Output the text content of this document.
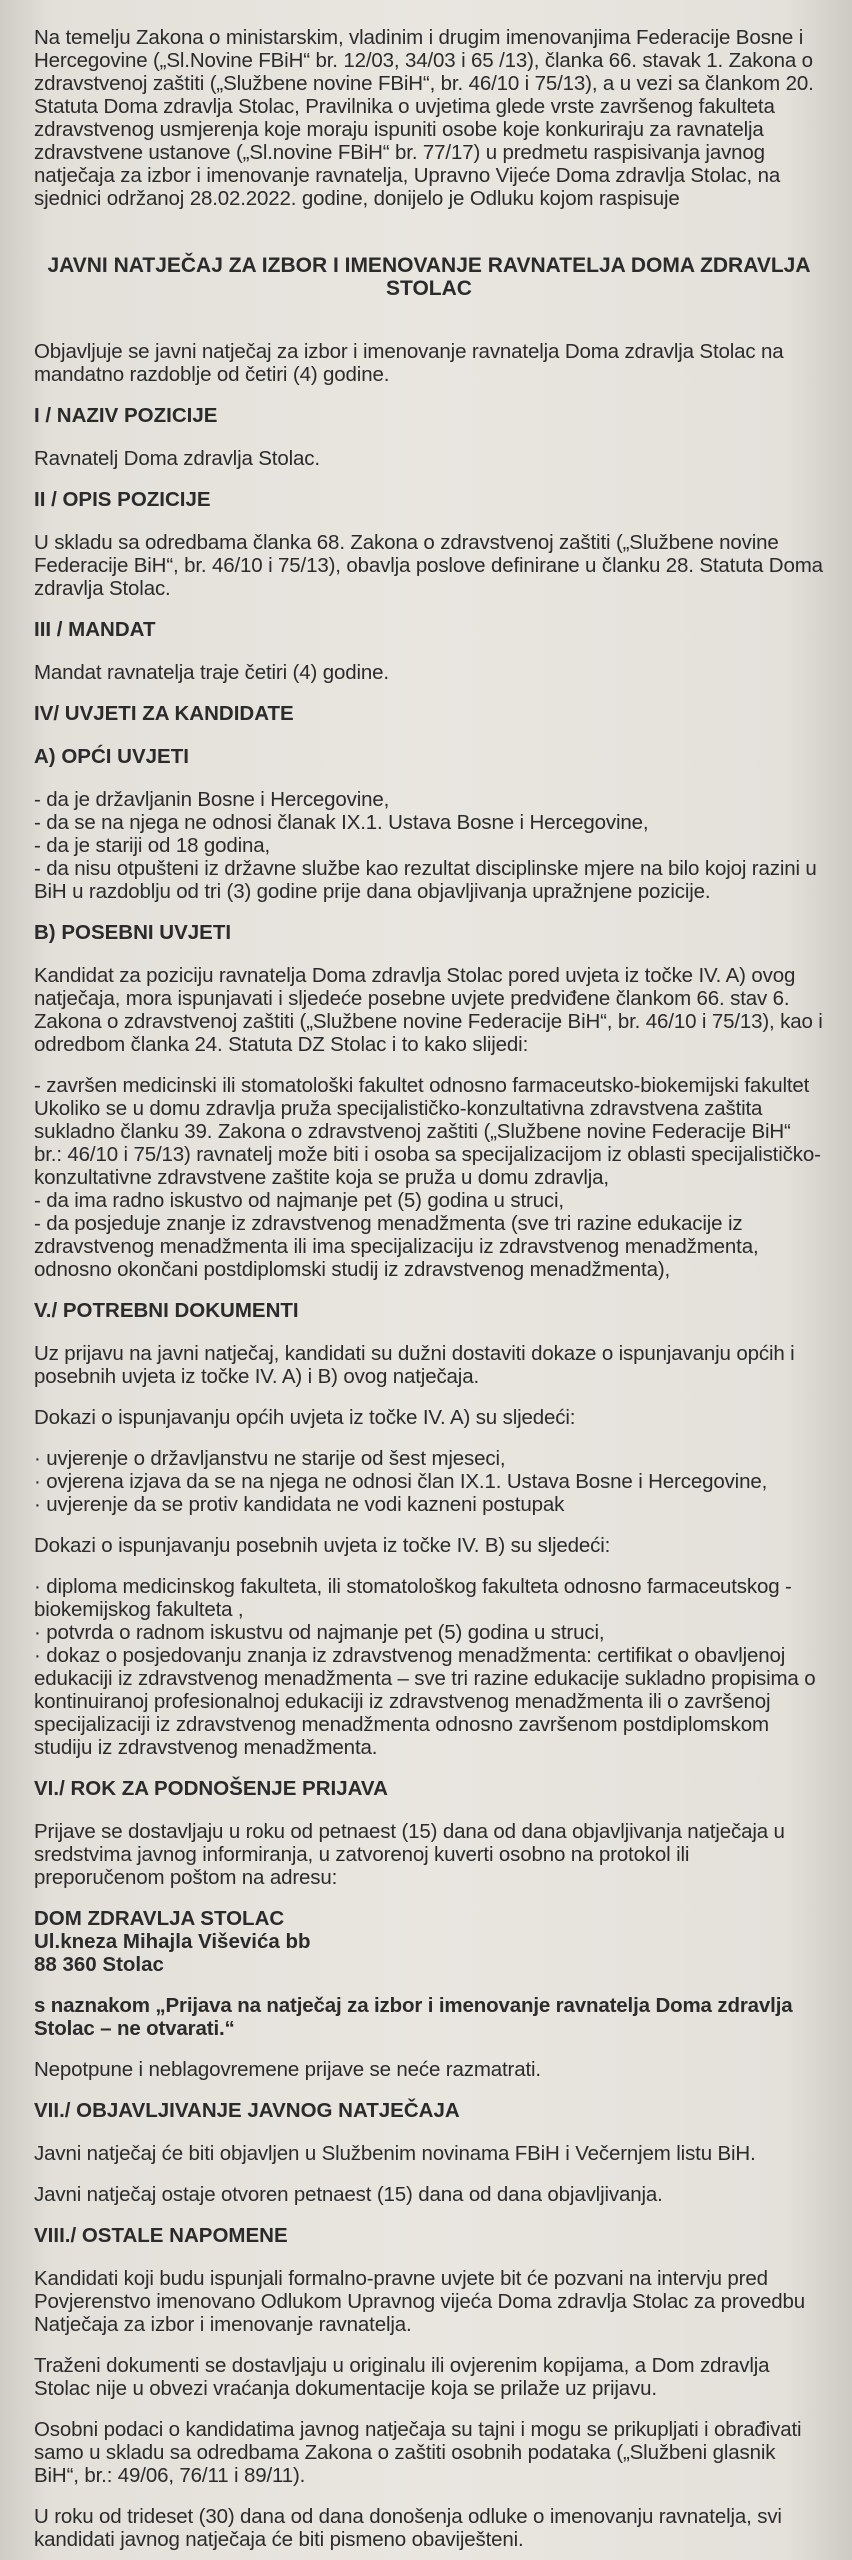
Na temelju Zakona o ministarskim, vladinim i drugim imenovanjima Federacije Bosne i Hercegovine („Sl.Novine FBiH“ br. 12/03, 34/03 i 65 /13), članka 66. stavak 1. Zakona o zdravstvenoj zaštiti („Službene novine FBiH“, br. 46/10 i 75/13), a u vezi sa člankom 20. Statuta Doma zdravlja Stolac, Pravilnika o uvjetima glede vrste završenog fakulteta zdravstvenog usmjerenja koje moraju ispuniti osobe koje konkuriraju za ravnatelja zdravstvene ustanove („Sl.novine FBiH“ br. 77/17) u predmetu raspisivanja javnog natječaja za izbor i imenovanje ravnatelja, Upravno Vijeće Doma zdravlja Stolac, na sjednici održanoj 28.02.2022. godine, donijelo je Odluku kojom raspisuje

JAVNI NATJEČAJ ZA IZBOR I IMENOVANJE RAVNATELJA DOMA ZDRAVLJA STOLAC

Objavljuje se javni natječaj za izbor i imenovanje ravnatelja Doma zdravlja Stolac na mandatno razdoblje od četiri (4) godine.

I / NAZIV POZICIJE

Ravnatelj Doma zdravlja Stolac.

II / OPIS POZICIJE

U skladu sa odredbama članka 68. Zakona o zdravstvenoj zaštiti („Službene novine Federacije BiH“, br. 46/10 i 75/13), obavlja poslove definirane u članku 28. Statuta Doma zdravlja Stolac.

III / MANDAT

Mandat ravnatelja traje četiri (4) godine.

IV/ UVJETI ZA KANDIDATE
A) OPĆI UVJETI
- da je državljanin Bosne i Hercegovine,
- da se na njega ne odnosi članak IX.1. Ustava Bosne i Hercegovine,
- da je stariji od 18 godina,
- da nisu otpušteni iz državne službe kao rezultat disciplinske mjere na bilo kojoj razini u BiH u razdoblju od tri (3) godine prije dana objavljivanja upražnjene pozicije.
B) POSEBNI UVJETI

Kandidat za poziciju ravnatelja Doma zdravlja Stolac pored uvjeta iz točke IV. A) ovog natječaja, mora ispunjavati i sljedeće posebne uvjete predviđene člankom 66. stav 6. Zakona o zdravstvenoj zaštiti („Službene novine Federacije BiH“, br. 46/10 i 75/13), kao i odredbom članka 24. Statuta DZ Stolac i to kako slijedi:

- završen medicinski ili stomatološki fakultet odnosno farmaceutsko-biokemijski fakultet Ukoliko se u domu zdravlja pruža specijalističko-konzultativna zdravstvena zaštita sukladno članku 39. Zakona o zdravstvenoj zaštiti („Službene novine Federacije BiH“ br.: 46/10 i 75/13) ravnatelj može biti i osoba sa specijalizacijom iz oblasti specijalističko-konzultativne zdravstvene zaštite koja se pruža u domu zdravlja,
- da ima radno iskustvo od najmanje pet (5) godina u struci,
- da posjeduje znanje iz zdravstvenog menadžmenta (sve tri razine edukacije iz zdravstvenog menadžmenta ili ima specijalizaciju iz zdravstvenog menadžmenta, odnosno okončani postdiplomski studij iz zdravstvenog menadžmenta),
V./ POTREBNI DOKUMENTI

Uz prijavu na javni natječaj, kandidati su dužni dostaviti dokaze o ispunjavanju općih i posebnih uvjeta iz točke IV. A) i B) ovog natječaja.

Dokazi o ispunjavanju općih uvjeta iz točke IV. A) su sljedeći:

· uvjerenje o državljanstvu ne starije od šest mjeseci,
· ovjerena izjava da se na njega ne odnosi član IX.1. Ustava Bosne i Hercegovine,
· uvjerenje da se protiv kandidata ne vodi kazneni postupak

Dokazi o ispunjavanju posebnih uvjeta iz točke IV. B) su sljedeći:

· diploma medicinskog fakulteta, ili stomatološkog fakulteta odnosno farmaceutskog - biokemijskog fakulteta ,
· potvrda o radnom iskustvu od najmanje pet (5) godina u struci,
· dokaz o posjedovanju znanja iz zdravstvenog menadžmenta: certifikat o obavljenoj edukaciji iz zdravstvenog menadžmenta – sve tri razine edukacije sukladno propisima o kontinuiranoj profesionalnoj edukaciji iz zdravstvenog menadžmenta ili o završenoj specijalizaciji iz zdravstvenog menadžmenta odnosno završenom postdiplomskom studiju iz zdravstvenog menadžmenta.
VI./ ROK ZA PODNOŠENJE PRIJAVA

Prijave se dostavljaju u roku od petnaest (15) dana od dana objavljivanja natječaja u sredstvima javnog informiranja, u zatvorenoj kuverti osobno na protokol ili preporučenom poštom na adresu:

DOM ZDRAVLJA STOLAC
Ul.kneza Mihajla Viševića bb
88 360 Stolac

s naznakom „Prijava na natječaj za izbor i imenovanje ravnatelja Doma zdravlja Stolac – ne otvarati.“

Nepotpune i neblagovremene prijave se neće razmatrati.

VII./ OBJAVLJIVANJE JAVNOG NATJEČAJA

Javni natječaj će biti objavljen u Službenim novinama FBiH i Večernjem listu BiH.

Javni natječaj ostaje otvoren petnaest (15) dana od dana objavljivanja.

VIII./ OSTALE NAPOMENE

Kandidati koji budu ispunjali formalno-pravne uvjete bit će pozvani na intervju pred Povjerenstvo imenovano Odlukom Upravnog vijeća Doma zdravlja Stolac za provedbu Natječaja za izbor i imenovanje ravnatelja.

Traženi dokumenti se dostavljaju u originalu ili ovjerenim kopijama, a Dom zdravlja Stolac nije u obvezi vraćanja dokumentacije koja se prilaže uz prijavu.

Osobni podaci o kandidatima javnog natječaja su tajni i mogu se prikupljati i obrađivati samo u skladu sa odredbama Zakona o zaštiti osobnih podataka („Službeni glasnik BiH“, br.: 49/06, 76/11 i 89/11).

U roku od trideset (30) dana od dana donošenja odluke o imenovanju ravnatelja, svi kandidati javnog natječaja će biti pismeno obaviješteni.
